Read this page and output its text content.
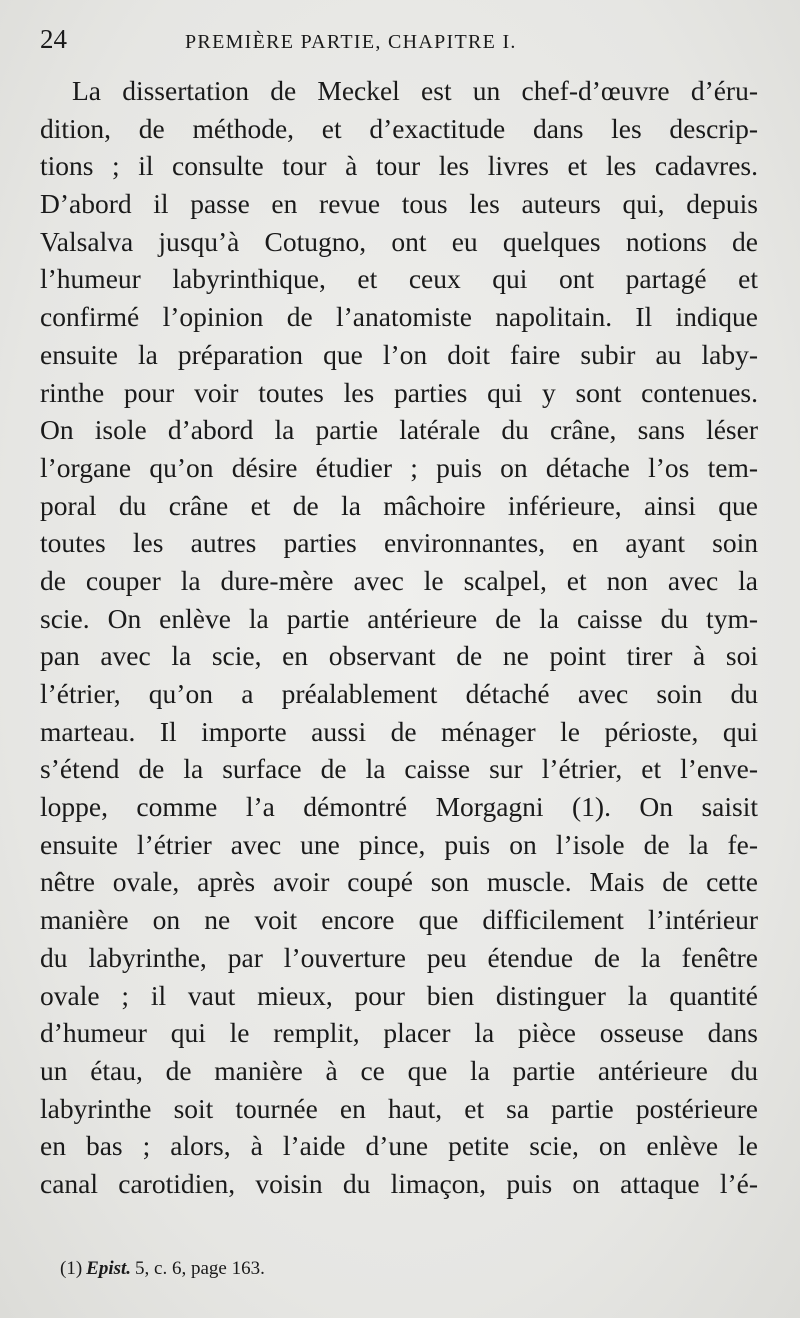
24	PREMIÈRE PARTIE, CHAPITRE I.
La dissertation de Meckel est un chef-d’œuvre d’éru-
dition, de méthode, et d’exactitude dans les descrip-
tions ; il consulte tour à tour les livres et les cadavres.
D’abord il passe en revue tous les auteurs qui, depuis
Valsalva jusqu’à Cotugno, ont eu quelques notions de
l’humeur labyrinthique, et ceux qui ont partagé et
confirmé l’opinion de l’anatomiste napolitain. Il indique
ensuite la préparation que l’on doit faire subir au laby-
rinthe pour voir toutes les parties qui y sont contenues.
On isole d’abord la partie latérale du crâne, sans léser
l’organe qu’on désire étudier ; puis on détache l’os tem-
poral du crâne et de la mâchoire inférieure, ainsi que
toutes les autres parties environnantes, en ayant soin
de couper la dure-mère avec le scalpel, et non avec la
scie. On enlève la partie antérieure de la caisse du tym-
pan avec la scie, en observant de ne point tirer à soi
l’étrier, qu’on a préalablement détaché avec soin du
marteau. Il importe aussi de ménager le périoste, qui
s’étend de la surface de la caisse sur l’étrier, et l’enve-
loppe, comme l’a démontré Morgagni (1). On saisit
ensuite l’étrier avec une pince, puis on l’isole de la fe-
nêtre ovale, après avoir coupé son muscle. Mais de cette
manière on ne voit encore que difficilement l’intérieur
du labyrinthe, par l’ouverture peu étendue de la fenêtre
ovale ; il vaut mieux, pour bien distinguer la quantité
d’humeur qui le remplit, placer la pièce osseuse dans
un étau, de manière à ce que la partie antérieure du
labyrinthe soit tournée en haut, et sa partie postérieure
en bas ; alors, à l’aide d’une petite scie, on enlève le
canal carotidien, voisin du limaçon, puis on attaque l’é-
(1) Epist. 5, c. 6, page 163.
